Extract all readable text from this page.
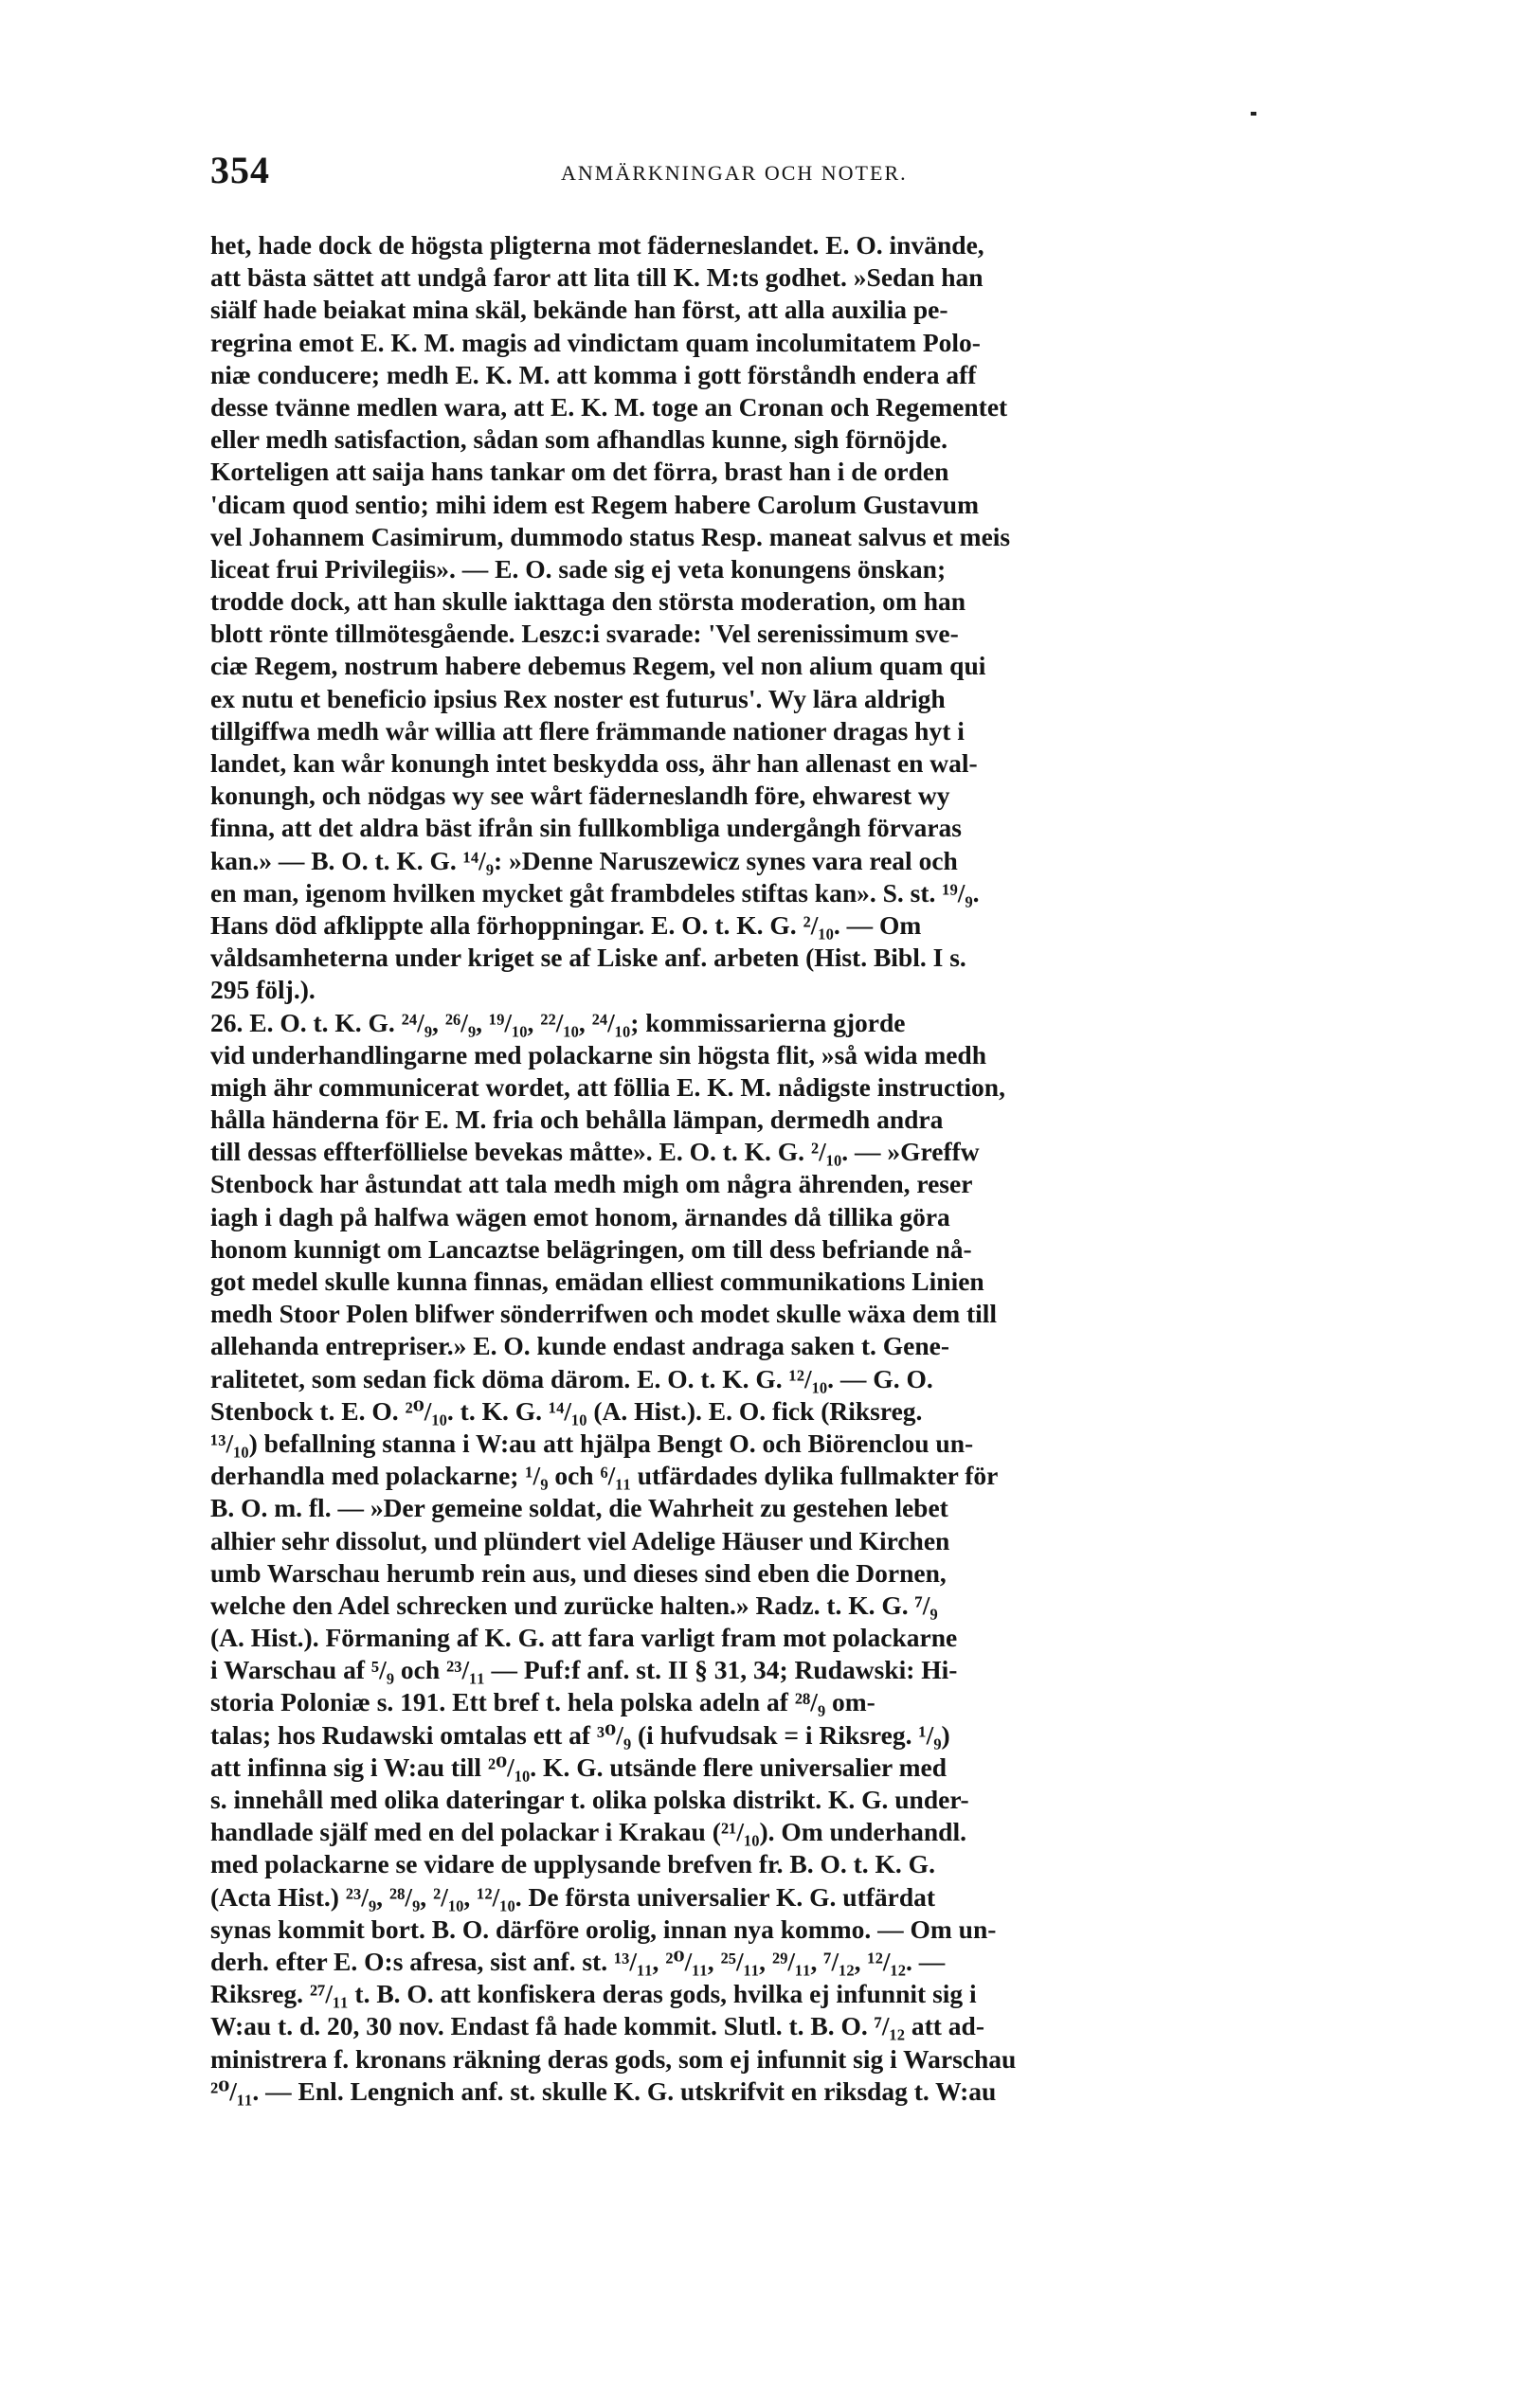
354	ANMÄRKNINGAR OCH NOTER.
het, hade dock de högsta pligterna mot fäderneslandet. E. O. invände,
att bästa sättet att undgå faror att lita till K. M:ts godhet. »Sedan han
siälf hade beiakat mina skäl, bekände han först, att alla auxilia pe-
regrina emot E. K. M. magis ad vindictam quam incolumitatem Polo-
niæ conducere; medh E. K. M. att komma i gott förståndh endera aff
desse tvänne medlen wara, att E. K. M. toge an Cronan och Regementet
eller medh satisfaction, sådan som afhandlas kunne, sigh förnöjde.
Korteligen att saija hans tankar om det förra, brast han i de orden
'dicam quod sentio; mihi idem est Regem habere Carolum Gustavum
vel Johannem Casimirum, dummodo status Resp. maneat salvus et meis
liceat frui Privilegiis». — E. O. sade sig ej veta konungens önskan;
trodde dock, att han skulle iakttaga den största moderation, om han
blott rönte tillmötesgående. Leszc:i svarade: 'Vel serenissimum sve-
ciæ Regem, nostrum habere debemus Regem, vel non alium quam qui
ex nutu et beneficio ipsius Rex noster est futurus'. Wy lära aldrigh
tillgiffwa medh wår willia att flere främmande nationer dragas hyt i
landet, kan wår konungh intet beskydda oss, ähr han allenast en wal-
konungh, och nödgas wy see wårt fäderneslandh före, ehwarest wy
finna, att det aldra bäst ifrån sin fullkombliga undergångh förvaras
kan.» — B. O. t. K. G. ¹⁴/₉: »Denne Naruszewicz synes vara real och
en man, igenom hvilken mycket gåt frambdeles stiftas kan». S. st. ¹⁹/₉.
Hans död afklippte alla förhoppningar. E. O. t. K. G. ²/₁₀. — Om
våldsamheterna under kriget se af Liske anf. arbeten (Hist. Bibl. I s.
295 följ.).
26. E. O. t. K. G. ²⁴/₉, ²⁶/₉, ¹⁹/₁₀, ²²/₁₀, ²⁴/₁₀; kommissarierna gjorde
vid underhandlingarne med polackarne sin högsta flit, »så wida medh
migh ähr communicerat wordet, att föllia E. K. M. nådigste instruction,
hålla händerna för E. M. fria och behålla lämpan, dermedh andra
till dessas effterföllielse bevekas måtte». E. O. t. K. G. ²/₁₀. — »Greffw
Stenbock har åstundat att tala medh migh om några ährenden, reser
iagh i dagh på halfwa wägen emot honom, ärnandes då tillika göra
honom kunnigt om Lancaztse belägringen, om till dess befriande nå-
got medel skulle kunna finnas, emädan elliest communikations Linien
medh Stoor Polen blifwer sönderrifwen och modet skulle wäxa dem till
allehanda entrepriser.» E. O. kunde endast andraga saken t. Gene-
ralitetet, som sedan fick döma därom. E. O. t. K. G. ¹²/₁₀. — G. O.
Stenbock t. E. O. ²⁰/₁₀. t. K. G. ¹⁴/₁₀ (A. Hist.). E. O. fick (Riksreg.
¹³/₁₀) befallning stanna i W:au att hjälpa Bengt O. och Biörenclou un-
derhandla med polackarne; ¹/₉ och ⁶/₁₁ utfärdades dylika fullmakter för
B. O. m. fl. — »Der gemeine soldat, die Wahrheit zu gestehen lebet
alhier sehr dissolut, und plündert viel Adelige Häuser und Kirchen
umb Warschau herumb rein aus, und dieses sind eben die Dornen,
welche den Adel schrecken und zurücke halten.» Radz. t. K. G. ⁷/₉
(A. Hist.). Förmaning af K. G. att fara varligt fram mot polackarne
i Warschau af ⁵/₉ och ²³/₁₁ — Puf:f anf. st. II § 31, 34; Rudawski: Hi-
storia Poloniæ s. 191. Ett bref t. hela polska adeln af ²⁸/₉ om-
talas; hos Rudawski omtalas ett af ³⁰/₉ (i hufvudsak = i Riksreg. ¹/₉)
att infinna sig i W:au till ²⁰/₁₀. K. G. utsände flere universalier med
s. innehåll med olika dateringar t. olika polska distrikt. K. G. under-
handlade själf med en del polackar i Krakau (²¹/₁₀). Om underhandl.
med polackarne se vidare de upplysande brefven fr. B. O. t. K. G.
(Acta Hist.) ²³/₉, ²⁸/₉, ²/₁₀, ¹²/₁₀. De första universalier K. G. utfärdat
synas kommit bort. B. O. därföre orolig, innan nya kommo. — Om un-
derh. efter E. O:s afresa, sist anf. st. ¹³/₁₁, ²⁰/₁₁, ²⁵/₁₁, ²⁹/₁₁, ⁷/₁₂, ¹²/₁₂. —
Riksreg. ²⁷/₁₁ t. B. O. att konfiskera deras gods, hvilka ej infunnit sig i
W:au t. d. 20, 30 nov. Endast få hade kommit. Slutl. t. B. O. ⁷/₁₂ att ad-
ministrera f. kronans räkning deras gods, som ej infunnit sig i Warschau
²⁰/₁₁. — Enl. Lengnich anf. st. skulle K. G. utskrifvit en riksdag t. W:au
